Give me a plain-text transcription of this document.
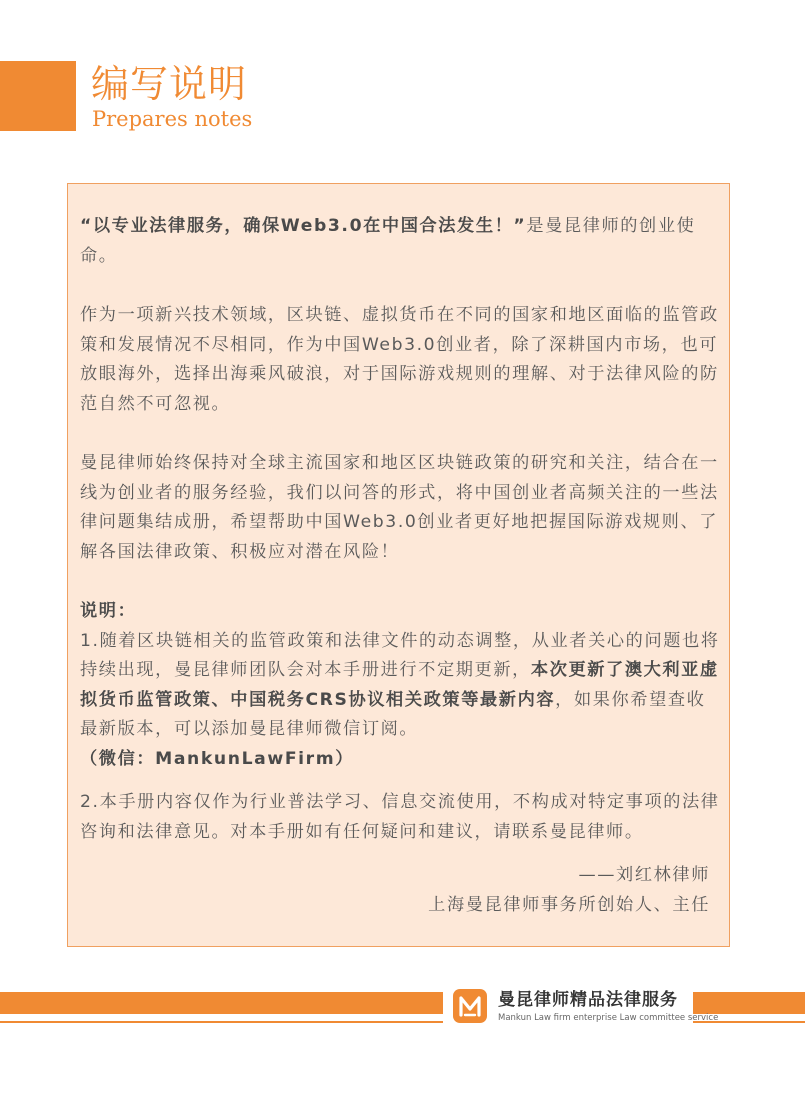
编写说明
Prepares notes

“以专业法律服务，确保Web3.0在中国合法发生！”是曼昆律师的创业使命。

作为一项新兴技术领域，区块链、虚拟货币在不同的国家和地区面临的监管政策和发展情况不尽相同，作为中国Web3.0创业者，除了深耕国内市场，也可放眼海外，选择出海乘风破浪，对于国际游戏规则的理解、对于法律风险的防范自然不可忽视。

曼昆律师始终保持对全球主流国家和地区区块链政策的研究和关注，结合在一线为创业者的服务经验，我们以问答的形式，将中国创业者高频关注的一些法律问题集结成册，希望帮助中国Web3.0创业者更好地把握国际游戏规则、了解各国法律政策、积极应对潜在风险！

说明：

1.随着区块链相关的监管政策和法律文件的动态调整，从业者关心的问题也将持续出现，曼昆律师团队会对本手册进行不定期更新，本次更新了澳大利亚虚拟货币监管政策、中国税务CRS协议相关政策等最新内容，如果你希望查收最新版本，可以添加曼昆律师微信订阅。

（微信：MankunLawFirm）

2.本手册内容仅作为行业普法学习、信息交流使用，不构成对特定事项的法律咨询和法律意见。对本手册如有任何疑问和建议，请联系曼昆律师。

——刘红林律师

上海曼昆律师事务所创始人、主任

曼昆律师精品法律服务
Mankun Law firm enterprise Law committee service
